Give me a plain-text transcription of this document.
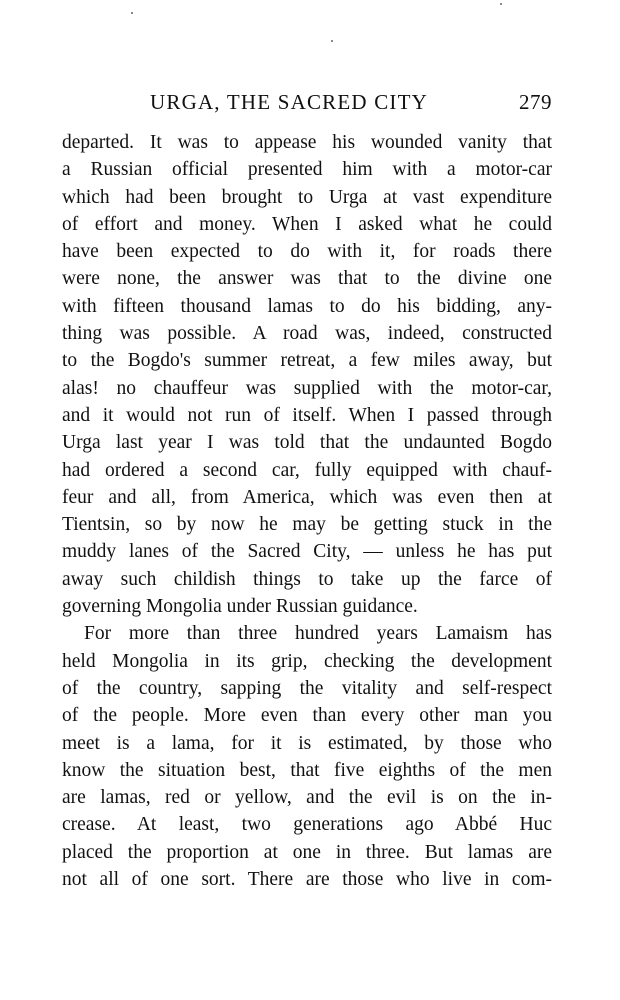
URGA, THE SACRED CITY	279
departed. It was to appease his wounded vanity that
a Russian official presented him with a motor-car
which had been brought to Urga at vast expenditure
of effort and money. When I asked what he could
have been expected to do with it, for roads there
were none, the answer was that to the divine one
with fifteen thousand lamas to do his bidding, any-
thing was possible. A road was, indeed, constructed
to the Bogdo's summer retreat, a few miles away, but
alas! no chauffeur was supplied with the motor-car,
and it would not run of itself. When I passed through
Urga last year I was told that the undaunted Bogdo
had ordered a second car, fully equipped with chauf-
feur and all, from America, which was even then at
Tientsin, so by now he may be getting stuck in the
muddy lanes of the Sacred City, — unless he has put
away such childish things to take up the farce of
governing Mongolia under Russian guidance.
For more than three hundred years Lamaism has
held Mongolia in its grip, checking the development
of the country, sapping the vitality and self-respect
of the people. More even than every other man you
meet is a lama, for it is estimated, by those who
know the situation best, that five eighths of the men
are lamas, red or yellow, and the evil is on the in-
crease. At least, two generations ago Abbé Huc
placed the proportion at one in three. But lamas are
not all of one sort. There are those who live in com-
